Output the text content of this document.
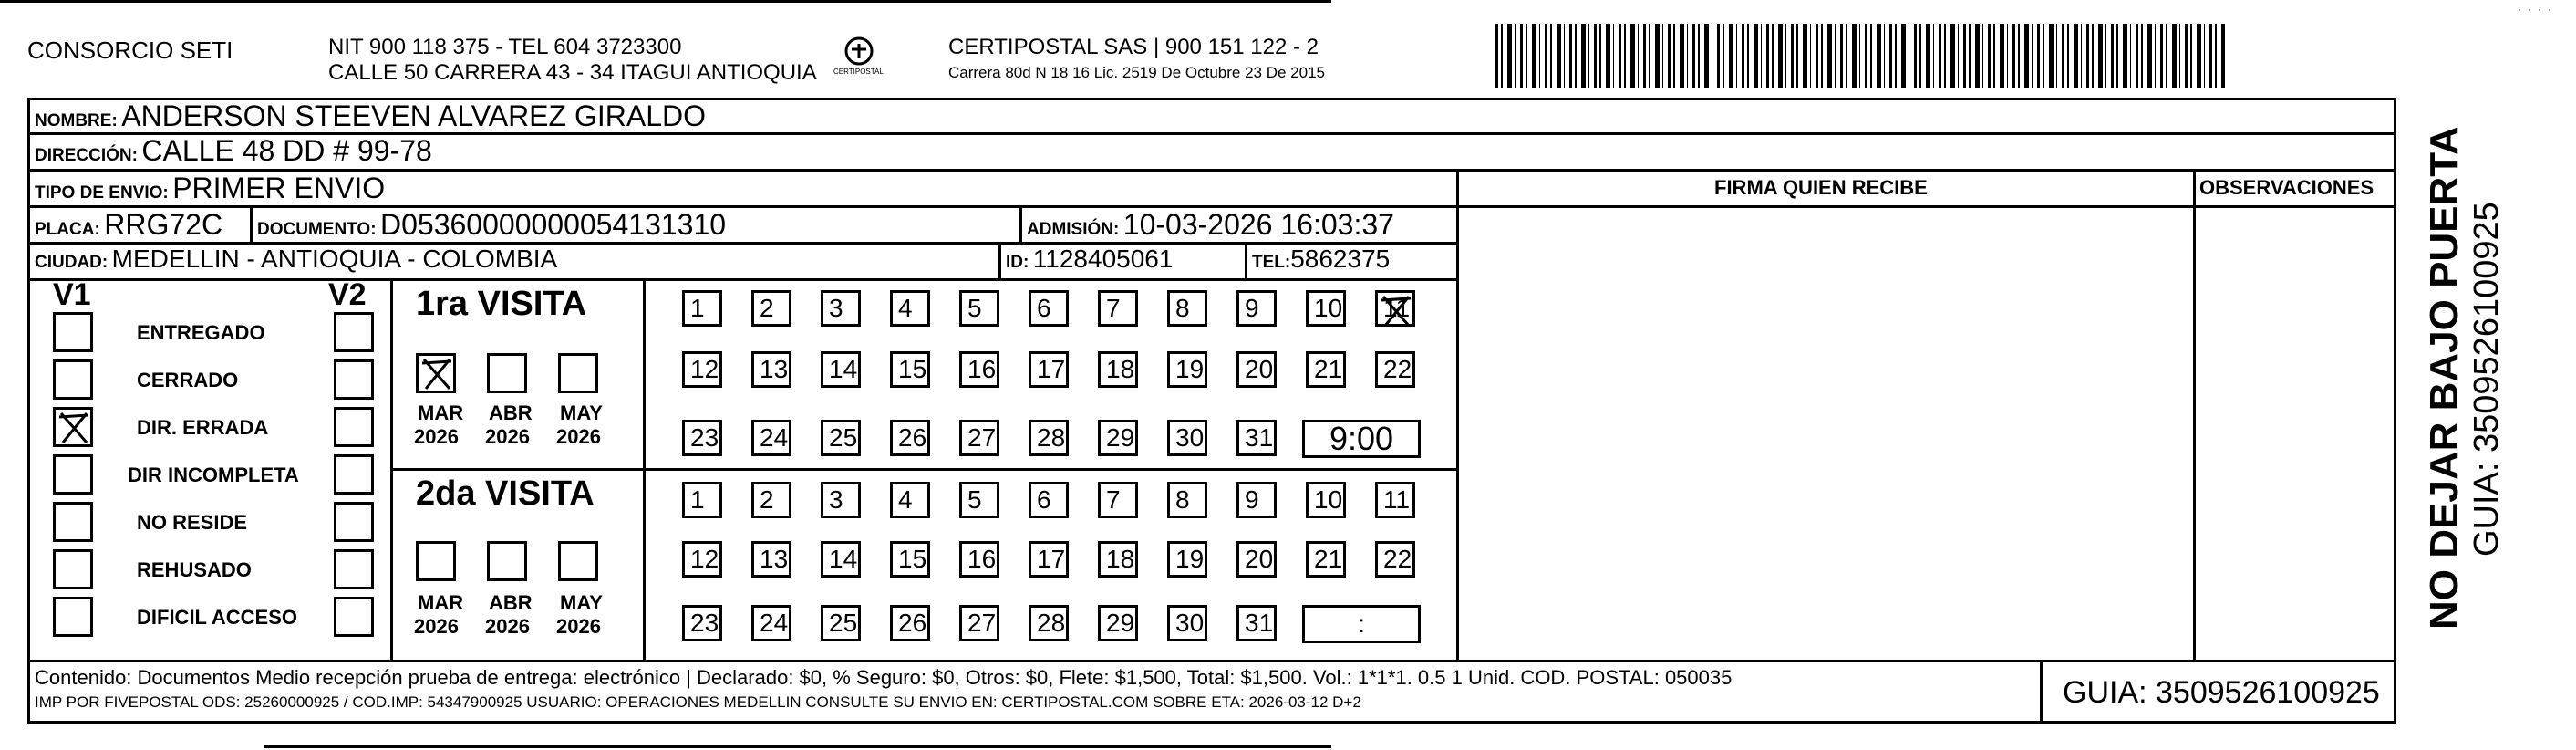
CONSORCIO SETI	NIT 900 118 375 - TEL 604 3723300
CALLE 50 CARRERA 43 - 34 ITAGUI ANTIOQUIA CERTIPOSTAL
CERTIPOSTAL SAS | 900 151 122 - 2
Carrera 80d N 18 16 Lic. 2519 De Octubre 23 De 2015
NOMBRE: ANDERSON STEEVEN ALVAREZ GIRALDO
DIRECCIÓN: CALLE 48 DD # 99-78
TIPO DE ENVIO: PRIMER ENVIO	FIRMA QUIEN RECIBE	OBSERVACIONES
PLACA: RRG72C DOCUMENTO: D05360000000054131310	ADMISIÓN: 10-03-2026 16:03:37
CIUDAD: MEDELLIN - ANTIOQUIA - COLOMBIA	ID: 1128405061	TEL:5862375
V1	V2
ENTREGADO
CERRADO
DIR. ERRADA
DIR INCOMPLETA
NO RESIDE
REHUSADO
DIFICIL ACCESO
1ra VISITA
2da VISITA
MAR
2026
ABR
2026
MAY
2026
MAR
2026
ABR
2026
MAY
2026
1	2	3	4	5	6	7	8	9	10	11
12	13	14	15	16	17	18	19	20	21	22
23	24	25	26	27	28	29	30	31	9:00
1	2	3	4	5	6	7	8	9	10	11
12	13	14	15	16	17	18	19	20	21	22
23	24	25	26	27	28	29	30	31	:
Contenido: Documentos Medio recepción prueba de entrega: electrónico | Declarado: $0, % Seguro: $0, Otros: $0, Flete: $1,500, Total: $1,500. Vol.: 1*1*1. 0.5 1 Unid. COD. POSTAL: 050035
IMP POR FIVEPOSTAL ODS: 25260000925 / COD.IMP: 54347900925 USUARIO: OPERACIONES MEDELLIN CONSULTE SU ENVIO EN: CERTIPOSTAL.COM SOBRE ETA: 2026-03-12 D+2	GUIA: 3509526100925
NO DEJAR BAJO PUERTA GUIA: 3509526100925
· · · ·
